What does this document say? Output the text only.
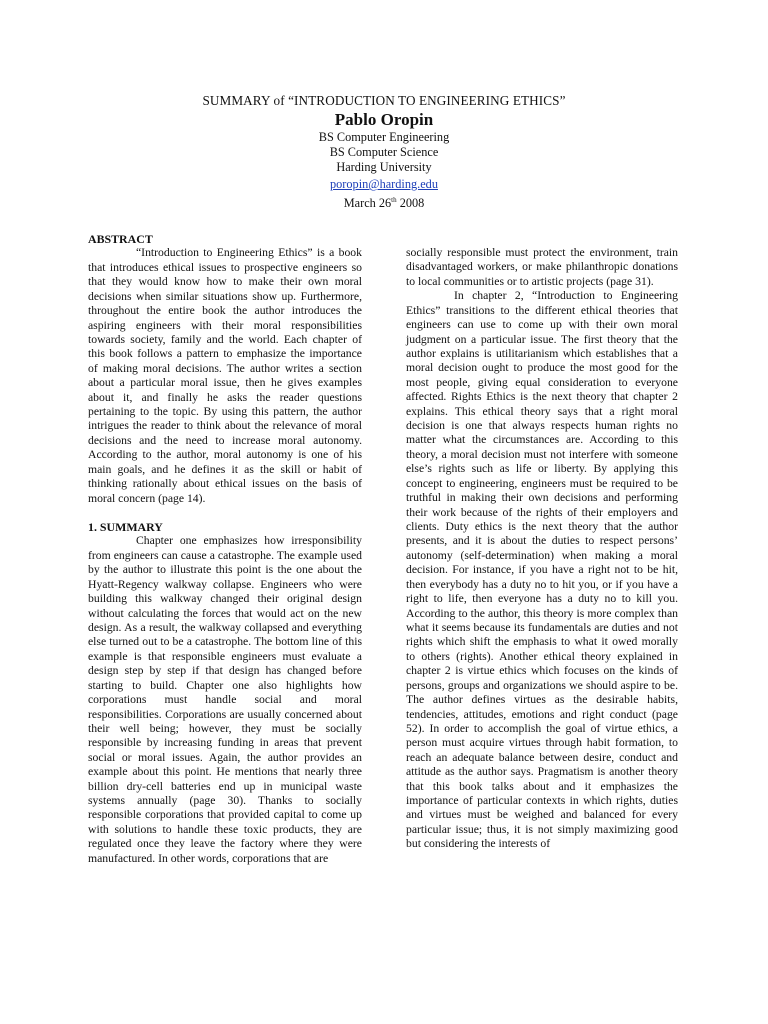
SUMMARY of “INTRODUCTION TO ENGINEERING ETHICS”
Pablo Oropin
BS Computer Engineering
BS Computer Science
Harding University
poropin@harding.edu
March 26th 2008
ABSTRACT

“Introduction to Engineering Ethics” is a book that introduces ethical issues to prospective engineers so that they would know how to make their own moral decisions when similar situations show up. Furthermore, throughout the entire book the author introduces the aspiring engineers with their moral responsibilities towards society, family and the world. Each chapter of this book follows a pattern to emphasize the importance of making moral decisions. The author writes a section about a particular moral issue, then he gives examples about it, and finally he asks the reader questions pertaining to the topic. By using this pattern, the author intrigues the reader to think about the relevance of moral decisions and the need to increase moral autonomy. According to the author, moral autonomy is one of his main goals, and he defines it as the skill or habit of thinking rationally about ethical issues on the basis of moral concern (page 14).

1. SUMMARY

Chapter one emphasizes how irresponsibility from engineers can cause a catastrophe. The example used by the author to illustrate this point is the one about the Hyatt-Regency walkway collapse. Engineers who were building this walkway changed their original design without calculating the forces that would act on the new design. As a result, the walkway collapsed and everything else turned out to be a catastrophe. The bottom line of this example is that responsible engineers must evaluate a design step by step if that design has changed before starting to build. Chapter one also highlights how corporations must handle social and moral responsibilities. Corporations are usually concerned about their well being; however, they must be socially responsible by increasing funding in areas that prevent social or moral issues. Again, the author provides an example about this point. He mentions that nearly three billion dry-cell batteries end up in municipal waste systems annually (page 30). Thanks to socially responsible corporations that provided capital to come up with solutions to handle these toxic products, they are regulated once they leave the factory where they were manufactured. In other words, corporations that are

socially responsible must protect the environment, train disadvantaged workers, or make philanthropic donations to local communities or to artistic projects (page 31).

In chapter 2, “Introduction to Engineering Ethics” transitions to the different ethical theories that engineers can use to come up with their own moral judgment on a particular issue. The first theory that the author explains is utilitarianism which establishes that a moral decision ought to produce the most good for the most people, giving equal consideration to everyone affected. Rights Ethics is the next theory that chapter 2 explains. This ethical theory says that a right moral decision is one that always respects human rights no matter what the circumstances are. According to this theory, a moral decision must not interfere with someone else’s rights such as life or liberty. By applying this concept to engineering, engineers must be required to be truthful in making their own decisions and performing their work because of the rights of their employers and clients. Duty ethics is the next theory that the author presents, and it is about the duties to respect persons’ autonomy (self-determination) when making a moral decision. For instance, if you have a right not to be hit, then everybody has a duty no to hit you, or if you have a right to life, then everyone has a duty no to kill you. According to the author, this theory is more complex than what it seems because its fundamentals are duties and not rights which shift the emphasis to what it owed morally to others (rights). Another ethical theory explained in chapter 2 is virtue ethics which focuses on the kinds of persons, groups and organizations we should aspire to be. The author defines virtues as the desirable habits, tendencies, attitudes, emotions and right conduct (page 52). In order to accomplish the goal of virtue ethics, a person must acquire virtues through habit formation, to reach an adequate balance between desire, conduct and attitude as the author says. Pragmatism is another theory that this book talks about and it emphasizes the importance of particular contexts in which rights, duties and virtues must be weighed and balanced for every particular issue; thus, it is not simply maximizing good but considering the interests of
